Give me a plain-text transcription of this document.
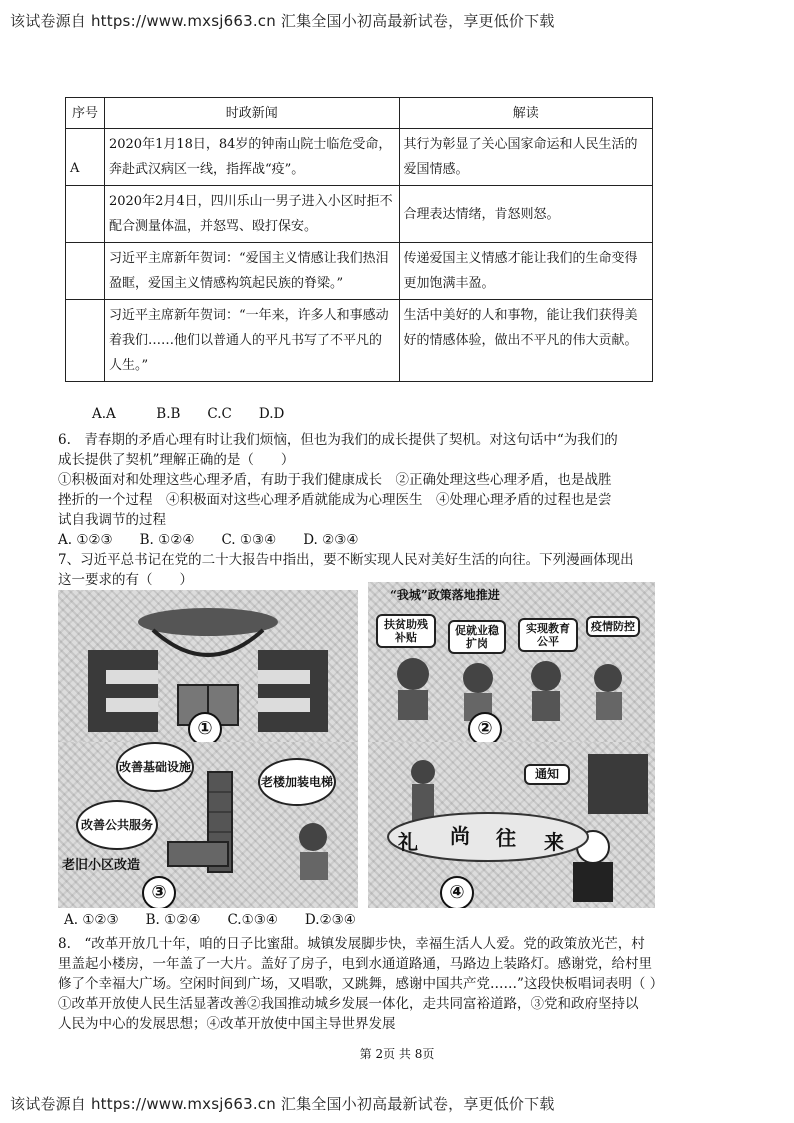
该试卷源自 https://www.mxsj663.cn 汇集全国小初高最新试卷，享更低价下载
序号	时政新闻	解读
A	2020年1月18日，84岁的钟南山院士临危受命，奔赴武汉病区一线，指挥战“疫”。	其行为彰显了关心国家命运和人民生活的爱国情感。
	2020年2月4日，四川乐山一男子进入小区时拒不配合测量体温，并怒骂、殴打保安。	合理表达情绪，肯怒则怒。
	习近平主席新年贺词：“爱国主义情感让我们热泪盈眶，爱国主义情感构筑起民族的脊梁。”	传递爱国主义情感才能让我们的生命变得更加饱满丰盈。
	习近平主席新年贺词：“一年来，许多人和事感动着我们……他们以普通人的平凡书写了不平凡的人生。”	生活中美好的人和事物，能让我们获得美好的情感体验，做出不平凡的伟大贡献。
A.A　　　B.B　　C.C　　D.D
6.　青春期的矛盾心理有时让我们烦恼，但也为我们的成长提供了契机。对这句话中“为我们的
成长提供了契机”理解正确的是（　　）
①积极面对和处理这些心理矛盾，有助于我们健康成长　②正确处理这些心理矛盾，也是战胜
挫折的一个过程　④积极面对这些心理矛盾就能成为心理医生　④处理心理矛盾的过程也是尝
试自我调节的过程
A. ①②③　　B. ①②④　　C. ①③④　　D. ②③④
7、习近平总书记在党的二十大报告中指出，要不断实现人民对美好生活的向往。下列漫画体现出
这一要求的有（　　）
①
“我城”政策落地推进
扶贫助残补贴
促就业稳扩岗
实现教育公平
疫情防控
②
改善基础设施
老楼加装电梯
改善公共服务
老旧小区改造
③
通知
礼 尚 往 来
④
A. ①②③　　B. ①②④　　C.①③④　　D.②③④
8.　“改革开放几十年，咱的日子比蜜甜。城镇发展脚步快，幸福生活人人爱。党的政策放光芒，村
里盖起小楼房，一年盖了一大片。盖好了房子，电到水通道路通，马路边上装路灯。感谢党，给村里
修了个幸福大广场。空闲时间到广场，又唱歌，又跳舞，感谢中国共产党……”这段快板唱词表明（ ）
①改革开放使人民生活显著改善②我国推动城乡发展一体化，走共同富裕道路，③党和政府坚持以
人民为中心的发展思想；④改革开放使中国主导世界发展
第 2页 共 8页
该试卷源自 https://www.mxsj663.cn 汇集全国小初高最新试卷，享更低价下载
